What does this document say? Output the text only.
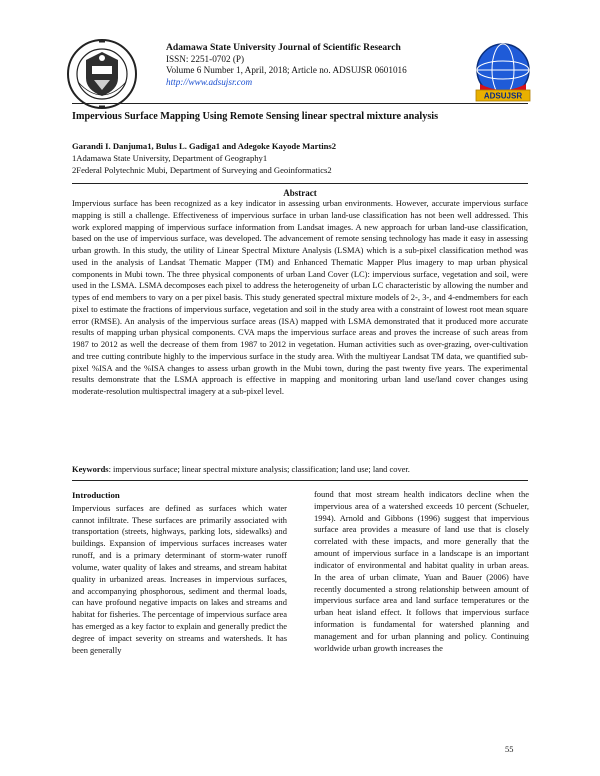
ADSUJSR
Adamawa State University Journal of Scientific Research
ISSN: 2251-0702 (P)
Volume 6 Number 1, April, 2018; Article no. ADSUJSR 0601016
http://www.adsujsr.com
Impervious Surface Mapping Using Remote Sensing linear spectral mixture analysis
Garandi I. Danjuma1, Bulus L. Gadiga1 and Adegoke Kayode Martins2
1Adamawa State University, Department of Geography1
2Federal Polytechnic Mubi, Department of Surveying and Geoinformatics2
Abstract

Impervious surface has been recognized as a key indicator in assessing urban environments. However, accurate impervious surface mapping is still a challenge. Effectiveness of impervious surface in urban land-use classification has not been well addressed. This work explored mapping of impervious surface information from Landsat images. A new approach for urban land-use classification, based on the use of impervious surface, was developed. The advancement of remote sensing technology has made it easy in assessing urban growth. In this study, the utility of Linear Spectral Mixture Analysis (LSMA) which is a sub-pixel classification method was used in the analysis of Landsat Thematic Mapper (TM) and Enhanced Thematic Mapper Plus imagery to map urban physical components in Mubi town. The three physical components of urban Land Cover (LC): impervious surface, vegetation and soil, were used in the LSMA. LSMA decomposes each pixel to address the heterogeneity of urban LC characteristic by allowing the number and types of end members to vary on a per pixel basis. This study generated spectral mixture models of 2-, 3-, and 4-endmembers for each pixel to estimate the fractions of impervious surface, vegetation and soil in the study area with a constraint of lowest root mean square error (RMSE). An analysis of the impervious surface areas (ISA) mapped with LSMA demonstrated that it produced more accurate results of mapping urban physical components. CVA maps the impervious surface areas and proves the increase of such areas from 1987 to 2012 as well the decrease of them from 1987 to 2012 in vegetation. Human activities such as over-grazing, over-cultivation and tree cutting contribute highly to the impervious surface in the study area. With the multiyear Landsat TM data, we quantified sub-pixel %ISA and the %ISA changes to assess urban growth in the Mubi town, during the past twenty five years. The experimental results demonstrate that the LSMA approach is effective in mapping and monitoring urban land use/land cover changes using moderate-resolution multispectral imagery at a sub-pixel level.

Keywords: impervious surface; linear spectral mixture analysis; classification; land use; land cover.
Introduction

Impervious surfaces are defined as surfaces which water cannot infiltrate. These surfaces are primarily associated with transportation (streets, highways, parking lots, sidewalks) and buildings. Expansion of impervious surfaces increases water runoff, and is a primary determinant of storm-water runoff volume, water quality of lakes and streams, and stream habitat quality in urbanized areas. Increases in impervious surfaces, and accompanying phosphorous, sediment and thermal loads, can have profound negative impacts on lakes and streams and habitat for fisheries. The percentage of impervious surface area has emerged as a key factor to explain and generally predict the degree of impact severity on streams and watersheds. It has been generally

found that most stream health indicators decline when the impervious area of a watershed exceeds 10 percent (Schueler, 1994). Arnold and Gibbons (1996) suggest that impervious surface area provides a measure of land use that is closely correlated with these impacts, and more generally that the amount of impervious surface in a landscape is an important indicator of environmental and habitat quality in urban areas. In the area of urban climate, Yuan and Bauer (2006) have recently documented a strong relationship between amount of impervious surface area and land surface temperatures or the urban heat island effect. It follows that impervious surface information is fundamental for watershed planning and management and for urban planning and policy. Continuing worldwide urban growth increases the

55
